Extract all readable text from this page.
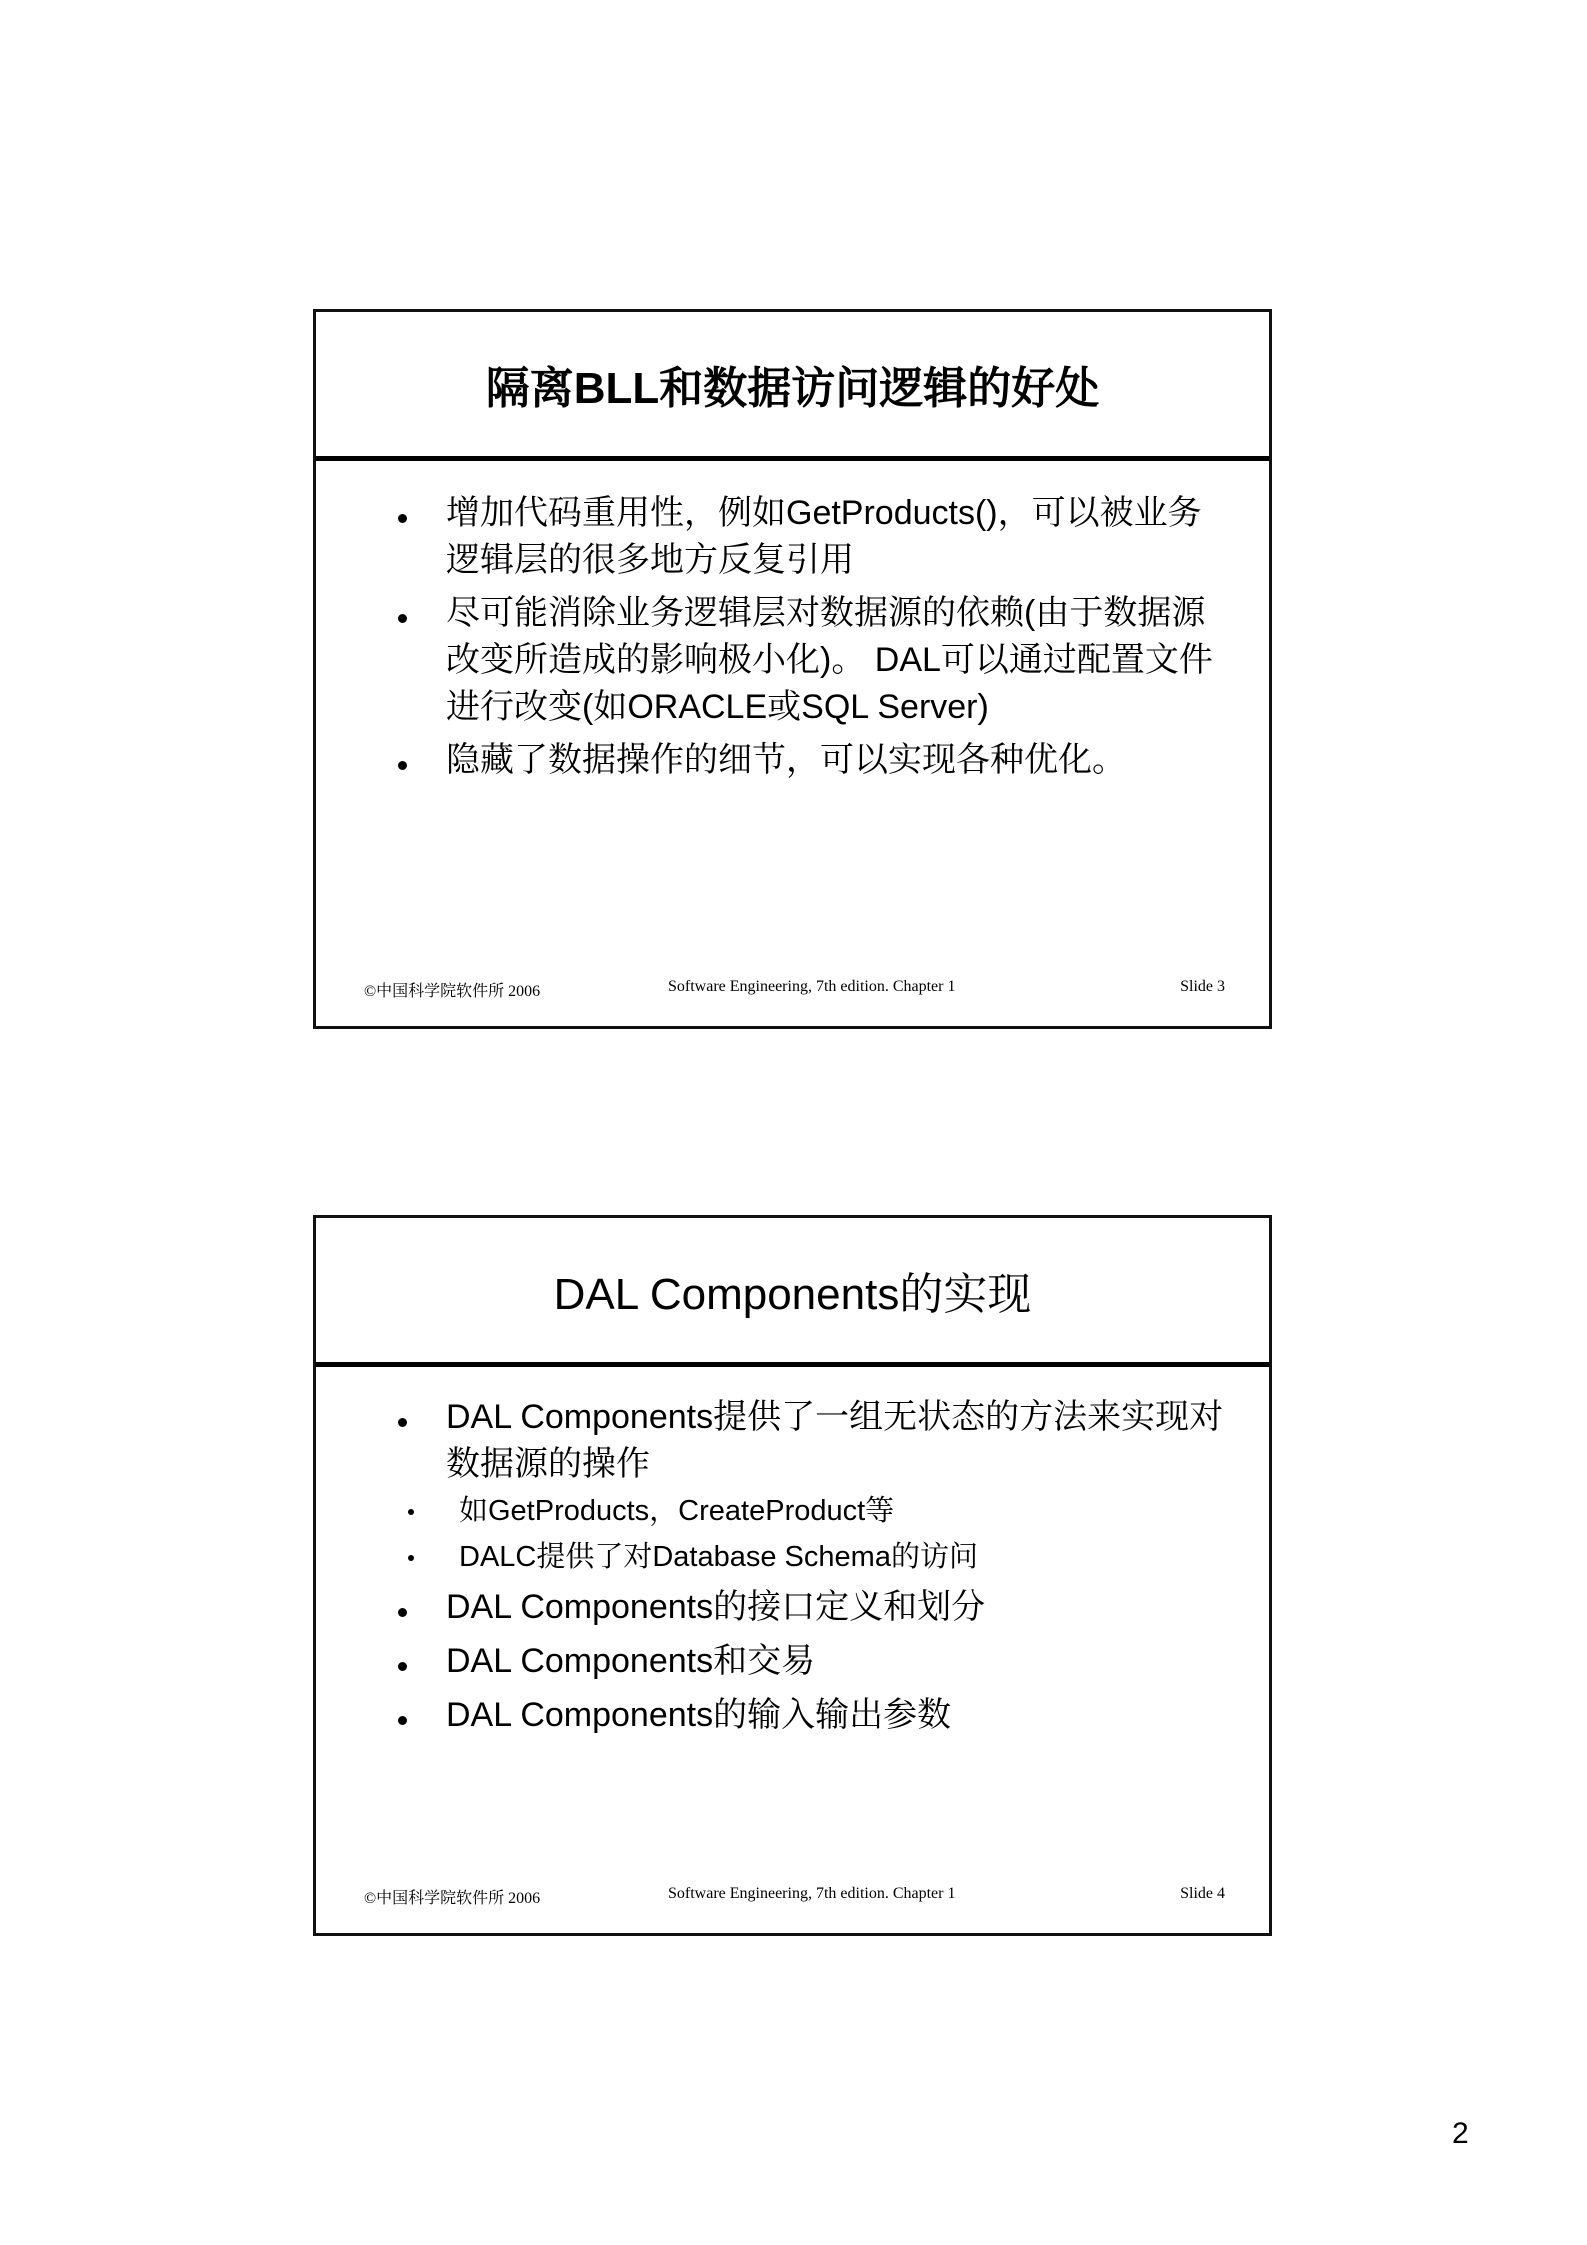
隔离BLL和数据访问逻辑的好处
增加代码重用性，例如GetProducts()，可以被业务逻辑层的很多地方反复引用
尽可能消除业务逻辑层对数据源的依赖(由于数据源改变所造成的影响极小化)。 DAL可以通过配置文件进行改变(如ORACLE或SQL Server)
隐藏了数据操作的细节，可以实现各种优化。
©中国科学院软件所 2006	Software Engineering, 7th edition. Chapter 1	Slide 3
DAL Components的实现
DAL Components提供了一组无状态的方法来实现对数据源的操作
如GetProducts，CreateProduct等
DALC提供了对Database Schema的访问
DAL Components的接口定义和划分
DAL Components和交易
DAL Components的输入输出参数
©中国科学院软件所 2006	Software Engineering, 7th edition. Chapter 1	Slide 4
2
